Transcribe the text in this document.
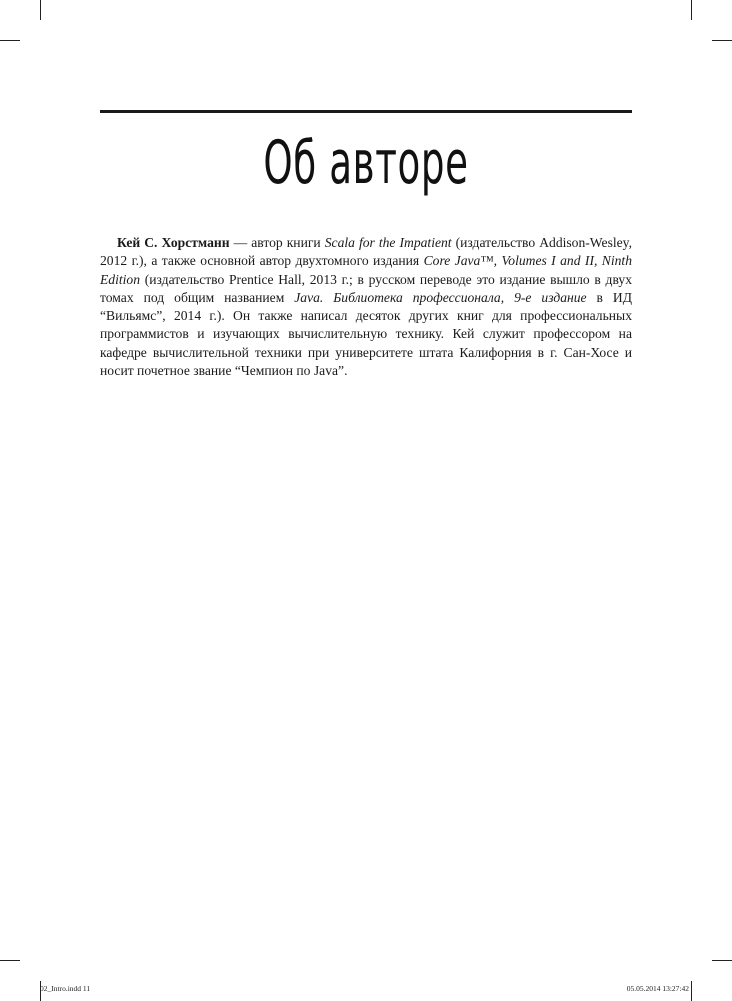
Об авторе

Кей С. Хорстманн — автор книги Scala for the Impatient (издательство Addison-Wesley, 2012 г.), а также основной автор двухтомного издания Core Java™, Volumes I and II, Ninth Edition (издательство Prentice Hall, 2013 г.; в русском переводе это издание вышло в двух томах под общим названием Java. Библиотека профессионала, 9-е издание в ИД “Вильямс”, 2014 г.). Он также написал десяток других книг для профессиональных программистов и изучающих вычислительную технику. Кей служит профессором на кафедре вычислительной техники при университете штата Калифорния в г. Сан-Хосе и носит почетное звание “Чемпион по Java”.

02_Intro.indd 11	05.05.2014 13:27:42
